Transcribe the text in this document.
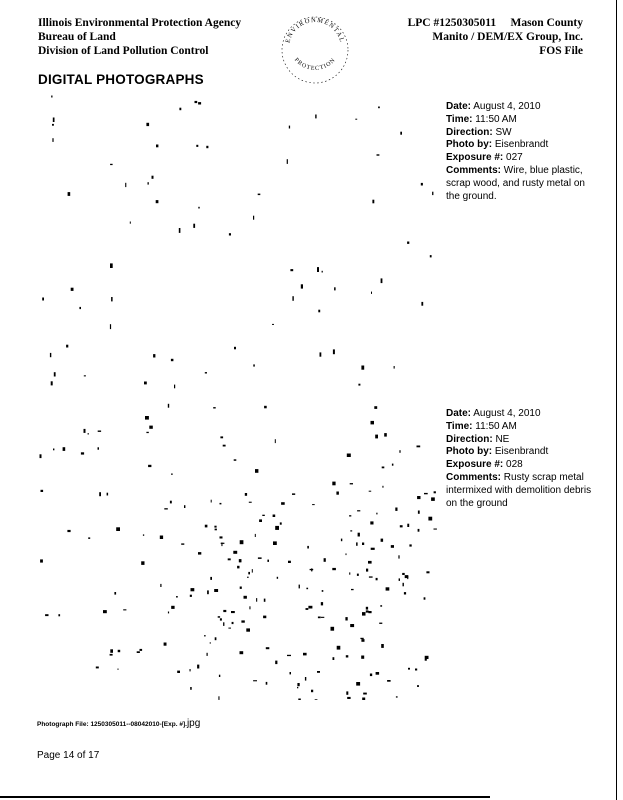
Illinois Environmental Protection Agency
Bureau of Land
Division of Land Pollution Control
ENVIRONMENTAL
PROTECTION
LPC #1250305011     Mason County
Manito / DEM/EX Group, Inc.
FOS File
DIGITAL PHOTOGRAPHS
Date: August 4, 2010
Time: 11:50 AM
Direction: SW
Photo by: Eisenbrandt
Exposure #: 027
Comments: Wire, blue plastic, scrap wood, and rusty metal on the ground.
Date: August 4, 2010
Time: 11:50 AM
Direction: NE
Photo by: Eisenbrandt
Exposure #: 028
Comments: Rusty scrap metal intermixed with demolition debris on the ground
Photograph File: 1250305011--08042010-[Exp. #].jpg
Page 14 of 17
